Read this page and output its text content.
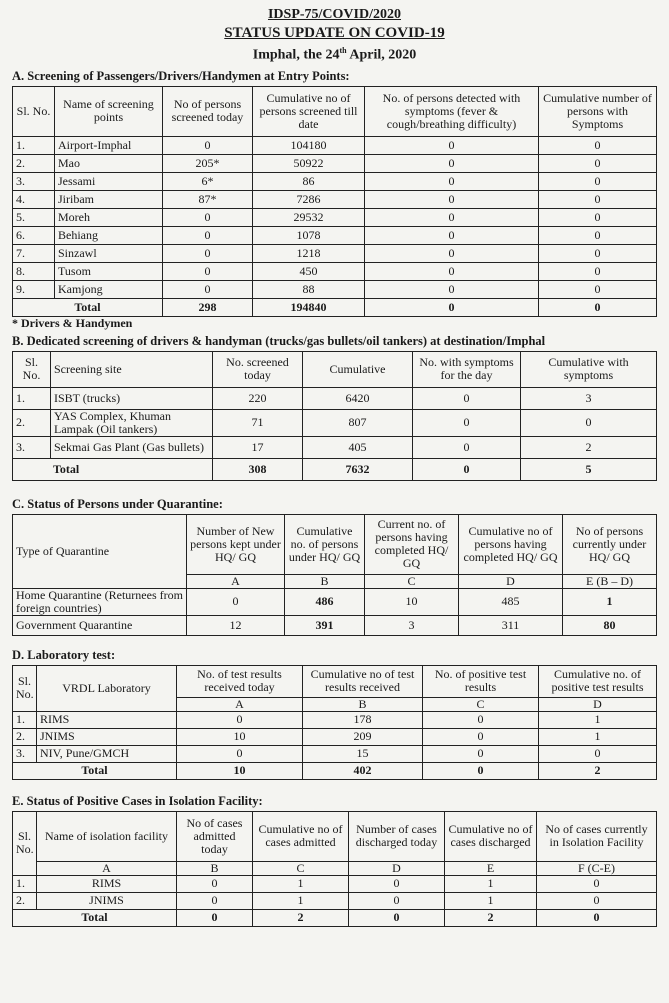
IDSP-75/COVID/2020
STATUS UPDATE ON COVID-19
Imphal, the 24th April, 2020
A. Screening of Passengers/Drivers/Handymen at Entry Points:
Sl. No.	Name of screening points	No of persons screened today	Cumulative no of persons screened till date	No. of persons detected with symptoms (fever & cough/breathing difficulty)	Cumulative number of persons with Symptoms
1.	Airport-Imphal	0	104180	0	0
2.	Mao	205*	50922	0	0
3.	Jessami	6*	86	0	0
4.	Jiribam	87*	7286	0	0
5.	Moreh	0	29532	0	0
6.	Behiang	0	1078	0	0
7.	Sinzawl	0	1218	0	0
8.	Tusom	0	450	0	0
9.	Kamjong	0	88	0	0
Total		298	194840	0	0
* Drivers & Handymen
B. Dedicated screening of drivers & handyman (trucks/gas bullets/oil tankers) at destination/Imphal
Sl. No.	Screening site	No. screened today	Cumulative	No. with symptoms for the day	Cumulative with symptoms
1.	ISBT (trucks)	220	6420	0	3
2.	YAS Complex, Khuman Lampak (Oil tankers)	71	807	0	0
3.	Sekmai Gas Plant (Gas bullets)	17	405	0	2
Total		308	7632	0	5
C. Status of Persons under Quarantine:
Type of Quarantine	Number of New persons kept under HQ/ GQ	Cumulative no. of persons under HQ/ GQ	Current no. of persons having completed HQ/ GQ	Cumulative no of persons having completed HQ/ GQ	No of persons currently under HQ/ GQ
	A	B	C	D	E (B – D)
Home Quarantine (Returnees from foreign countries)	0	486	10	485	1
Government Quarantine	12	391	3	311	80
D. Laboratory test:
Sl. No.	VRDL Laboratory	No. of test results received today	Cumulative no of test results received	No. of positive test results	Cumulative no. of positive test results
		A	B	C	D
1.	RIMS	0	178	0	1
2.	JNIMS	10	209	0	1
3.	NIV, Pune/GMCH	0	15	0	0
Total		10	402	0	2
E. Status of Positive Cases in Isolation Facility:
Sl. No.	Name of isolation facility	No of cases admitted today	Cumulative no of cases admitted	Number of cases discharged today	Cumulative no of cases discharged	No of cases currently in Isolation Facility
	A	B	C	D	E	F (C-E)
1.	RIMS	0	1	0	1	0
2.	JNIMS	0	1	0	1	0
Total		0	2	0	2	0
